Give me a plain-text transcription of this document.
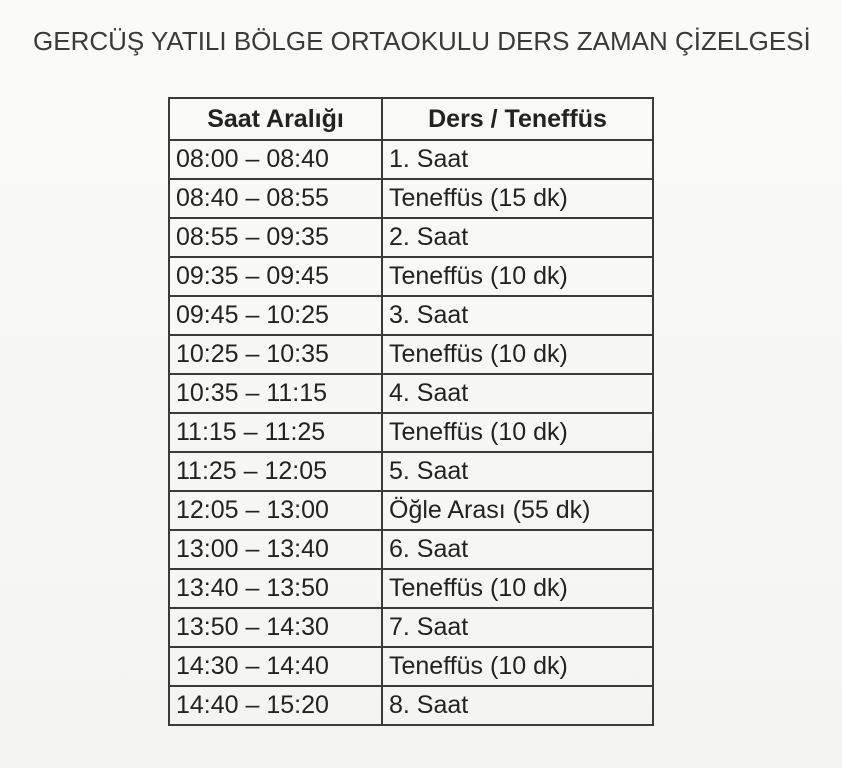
GERCÜŞ YATILI BÖLGE ORTAOKULU DERS ZAMAN ÇİZELGESİ
Saat Aralığı	Ders / Teneffüs
08:00 – 08:40	1. Saat
08:40 – 08:55	Teneffüs (15 dk)
08:55 – 09:35	2. Saat
09:35 – 09:45	Teneffüs (10 dk)
09:45 – 10:25	3. Saat
10:25 – 10:35	Teneffüs (10 dk)
10:35 – 11:15	4. Saat
11:15 – 11:25	Teneffüs (10 dk)
11:25 – 12:05	5. Saat
12:05 – 13:00	Öğle Arası (55 dk)
13:00 – 13:40	6. Saat
13:40 – 13:50	Teneffüs (10 dk)
13:50 – 14:30	7. Saat
14:30 – 14:40	Teneffüs (10 dk)
14:40 – 15:20	8. Saat
